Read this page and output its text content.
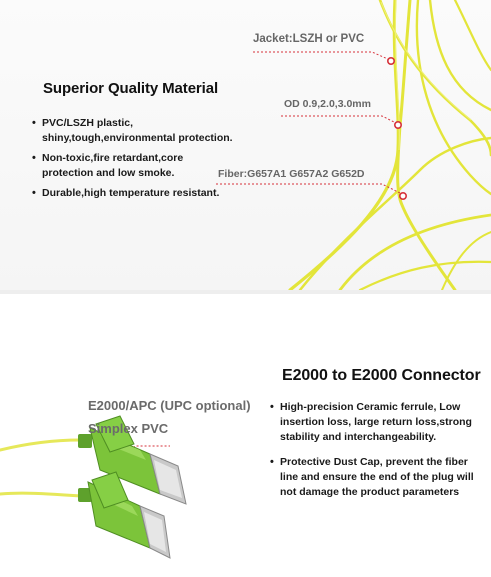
Superior Quality Material
• PVC/LSZH plastic,
shiny,tough,environmental protection.
• Non-toxic,fire retardant,core
protection and low smoke.
• Durable,high temperature resistant.
Jacket:LSZH or PVC
OD 0.9,2.0,3.0mm
Fiber:G657A1 G657A2 G652D
E2000 to E2000 Connector
E2000/APC (UPC optional)
Simplex PVC
• High-precision Ceramic ferrule, Low
insertion loss, large return loss,strong
stability and interchangeability.
• Protective Dust Cap, prevent the fiber
line and ensure the end of the plug will
not damage the product parameters
